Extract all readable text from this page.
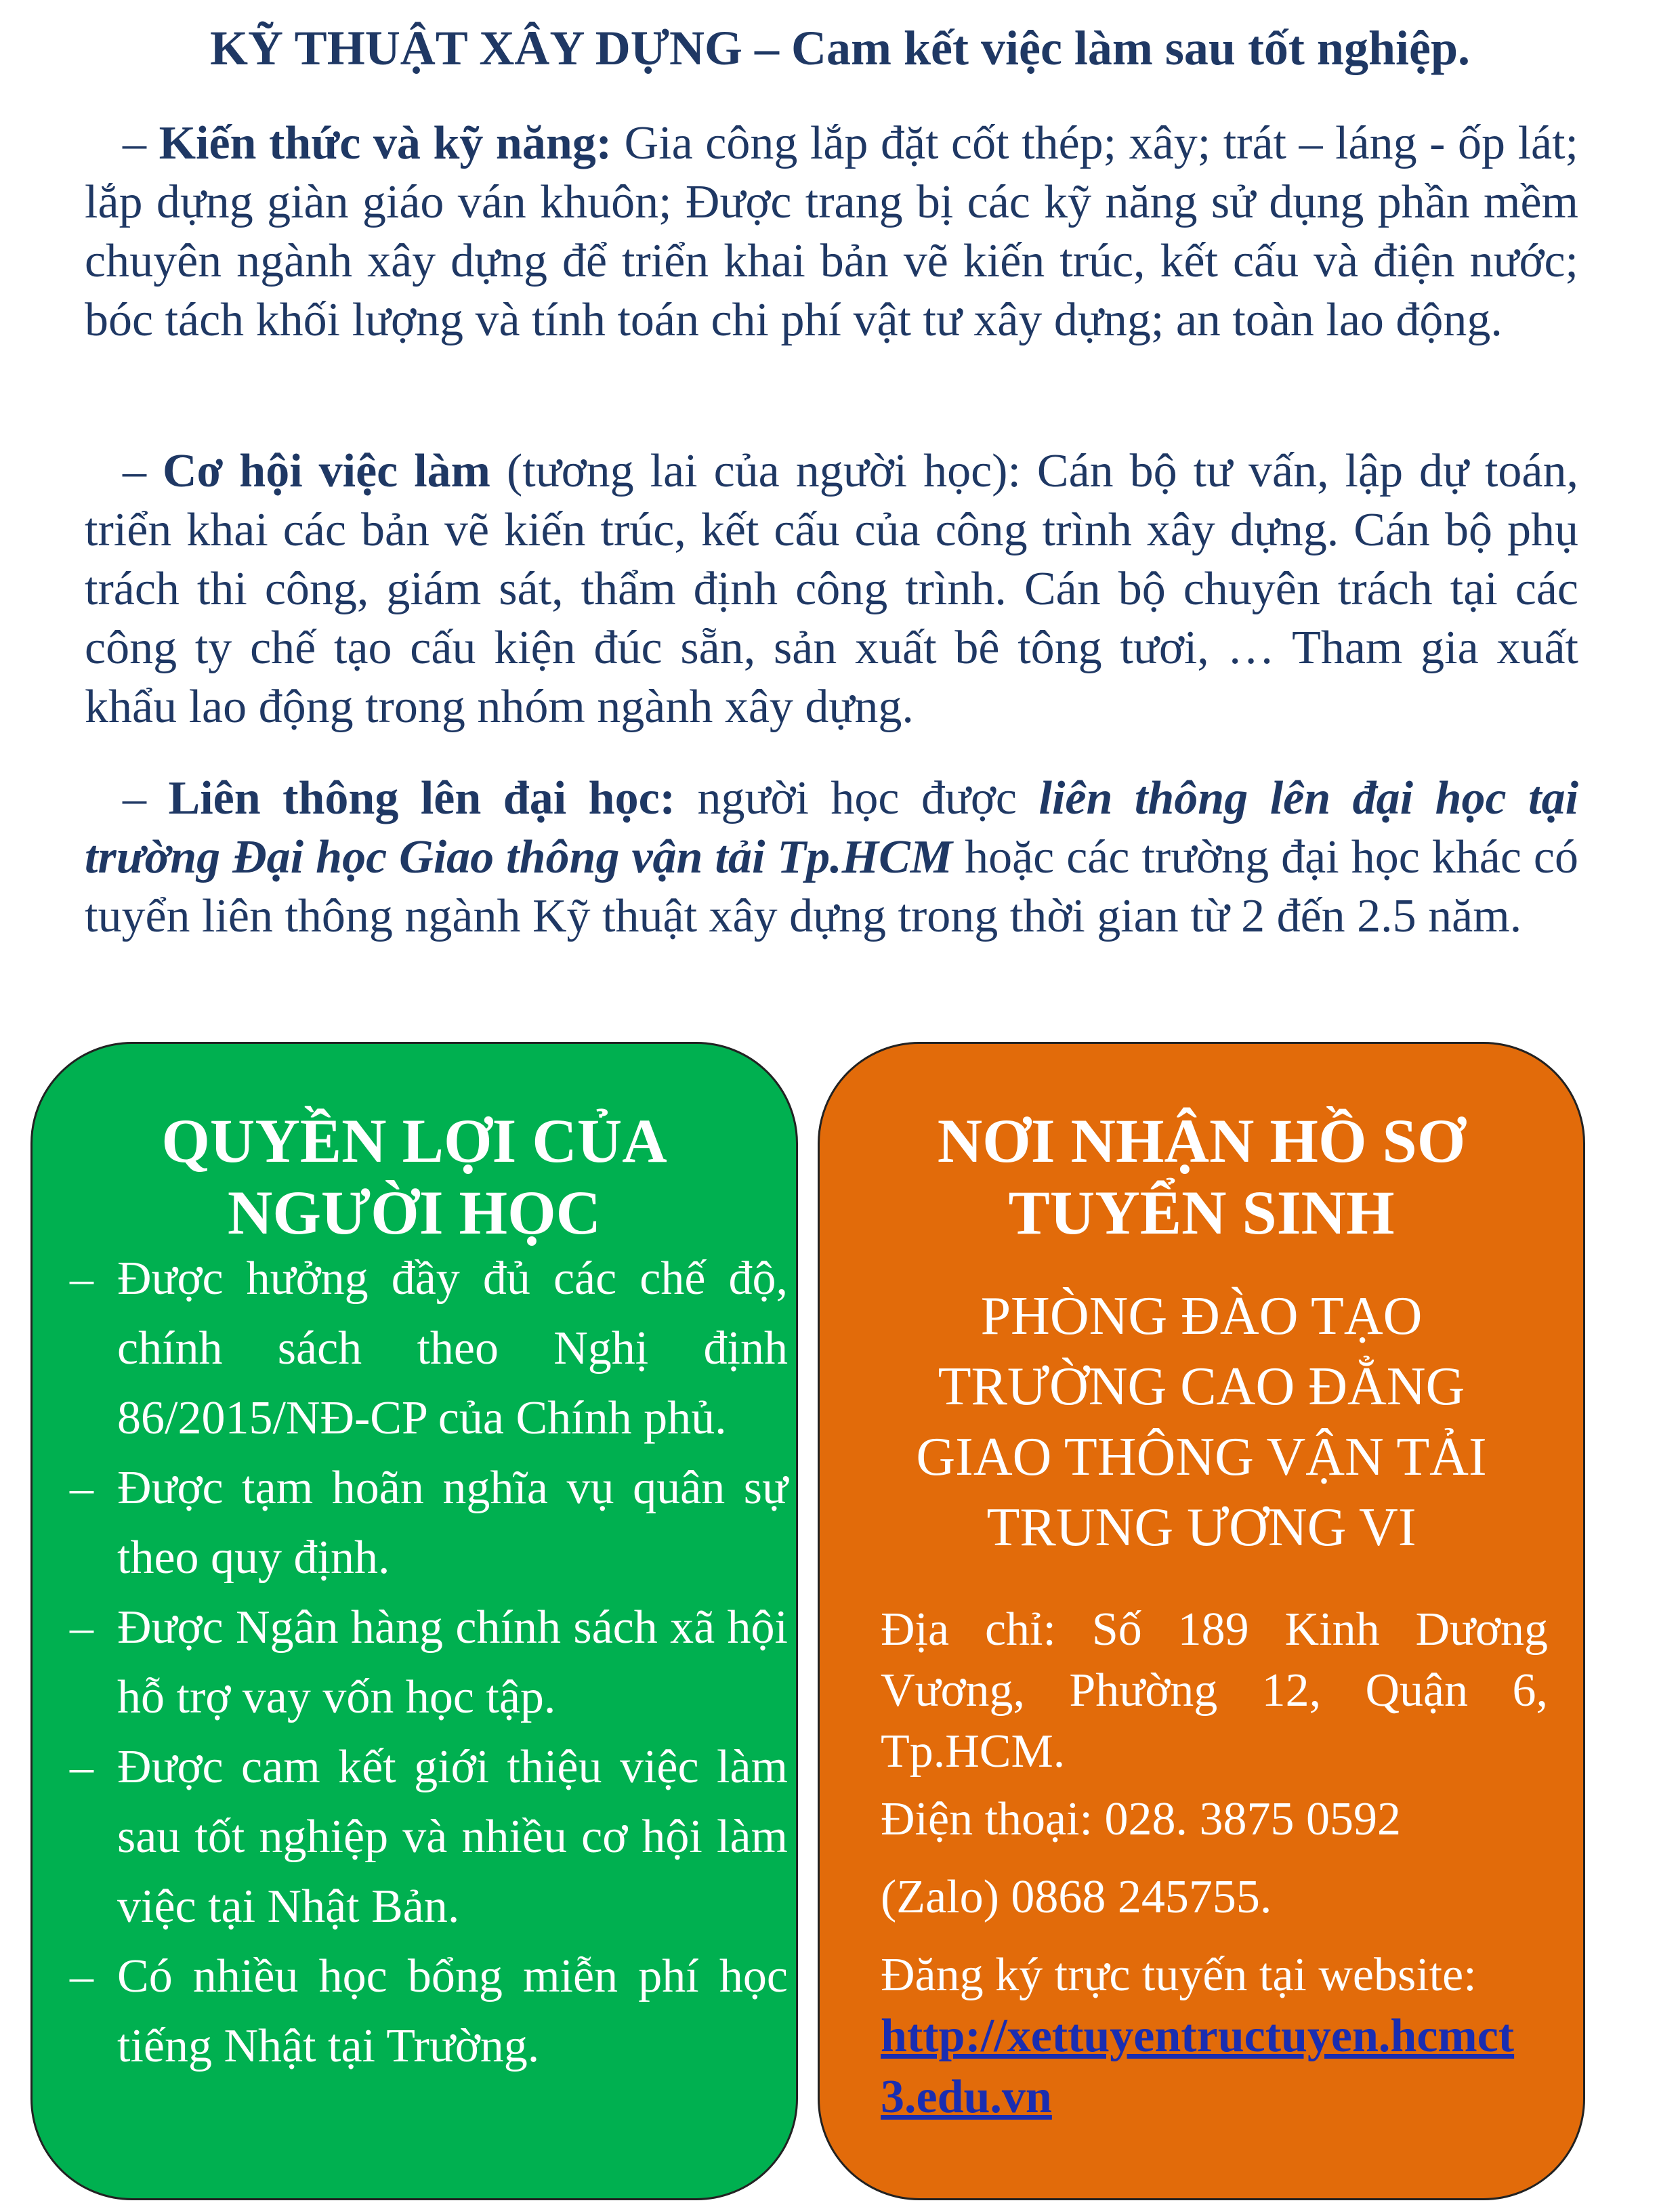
KỸ THUẬT XÂY DỰNG – Cam kết việc làm sau tốt nghiệp.
– Kiến thức và kỹ năng: Gia công lắp đặt cốt thép; xây; trát – láng - ốp lát; lắp dựng giàn giáo ván khuôn; Được trang bị các kỹ năng sử dụng phần mềm chuyên ngành xây dựng để triển khai bản vẽ kiến trúc, kết cấu và điện nước; bóc tách khối lượng và tính toán chi phí vật tư xây dựng; an toàn lao động.
– Cơ hội việc làm (tương lai của người học): Cán bộ tư vấn, lập dự toán, triển khai các bản vẽ kiến trúc, kết cấu của công trình xây dựng. Cán bộ phụ trách thi công, giám sát, thẩm định công trình. Cán bộ chuyên trách tại các công ty chế tạo cấu kiện đúc sẵn, sản xuất bê tông tươi, … Tham gia xuất khẩu lao động trong nhóm ngành xây dựng.
– Liên thông lên đại học: người học được liên thông lên đại học tại trường Đại học Giao thông vận tải Tp.HCM hoặc các trường đại học khác có tuyển liên thông ngành Kỹ thuật xây dựng trong thời gian từ 2 đến 2.5 năm.
QUYỀN LỢI CỦA
NGƯỜI HỌC
– Được hưởng đầy đủ các chế độ, chính sách theo Nghị định 86/2015/NĐ-CP của Chính phủ.
– Được tạm hoãn nghĩa vụ quân sự theo quy định.
– Được Ngân hàng chính sách xã hội hỗ trợ vay vốn học tập.
– Được cam kết giới thiệu việc làm sau tốt nghiệp và nhiều cơ hội làm việc tại Nhật Bản.
– Có nhiều học bổng miễn phí học tiếng Nhật tại Trường.
NƠI NHẬN HỒ SƠ
TUYỂN SINH
PHÒNG ĐÀO TẠO
TRƯỜNG CAO ĐẲNG
GIAO THÔNG VẬN TẢI
TRUNG ƯƠNG VI
Địa chỉ: Số 189 Kinh Dương Vương, Phường 12, Quận 6, Tp.HCM.
Điện thoại: 028. 3875 0592
(Zalo) 0868 245755.
Đăng ký trực tuyến tại website:
http://xettuyentructuyen.hcmct3.edu.vn
